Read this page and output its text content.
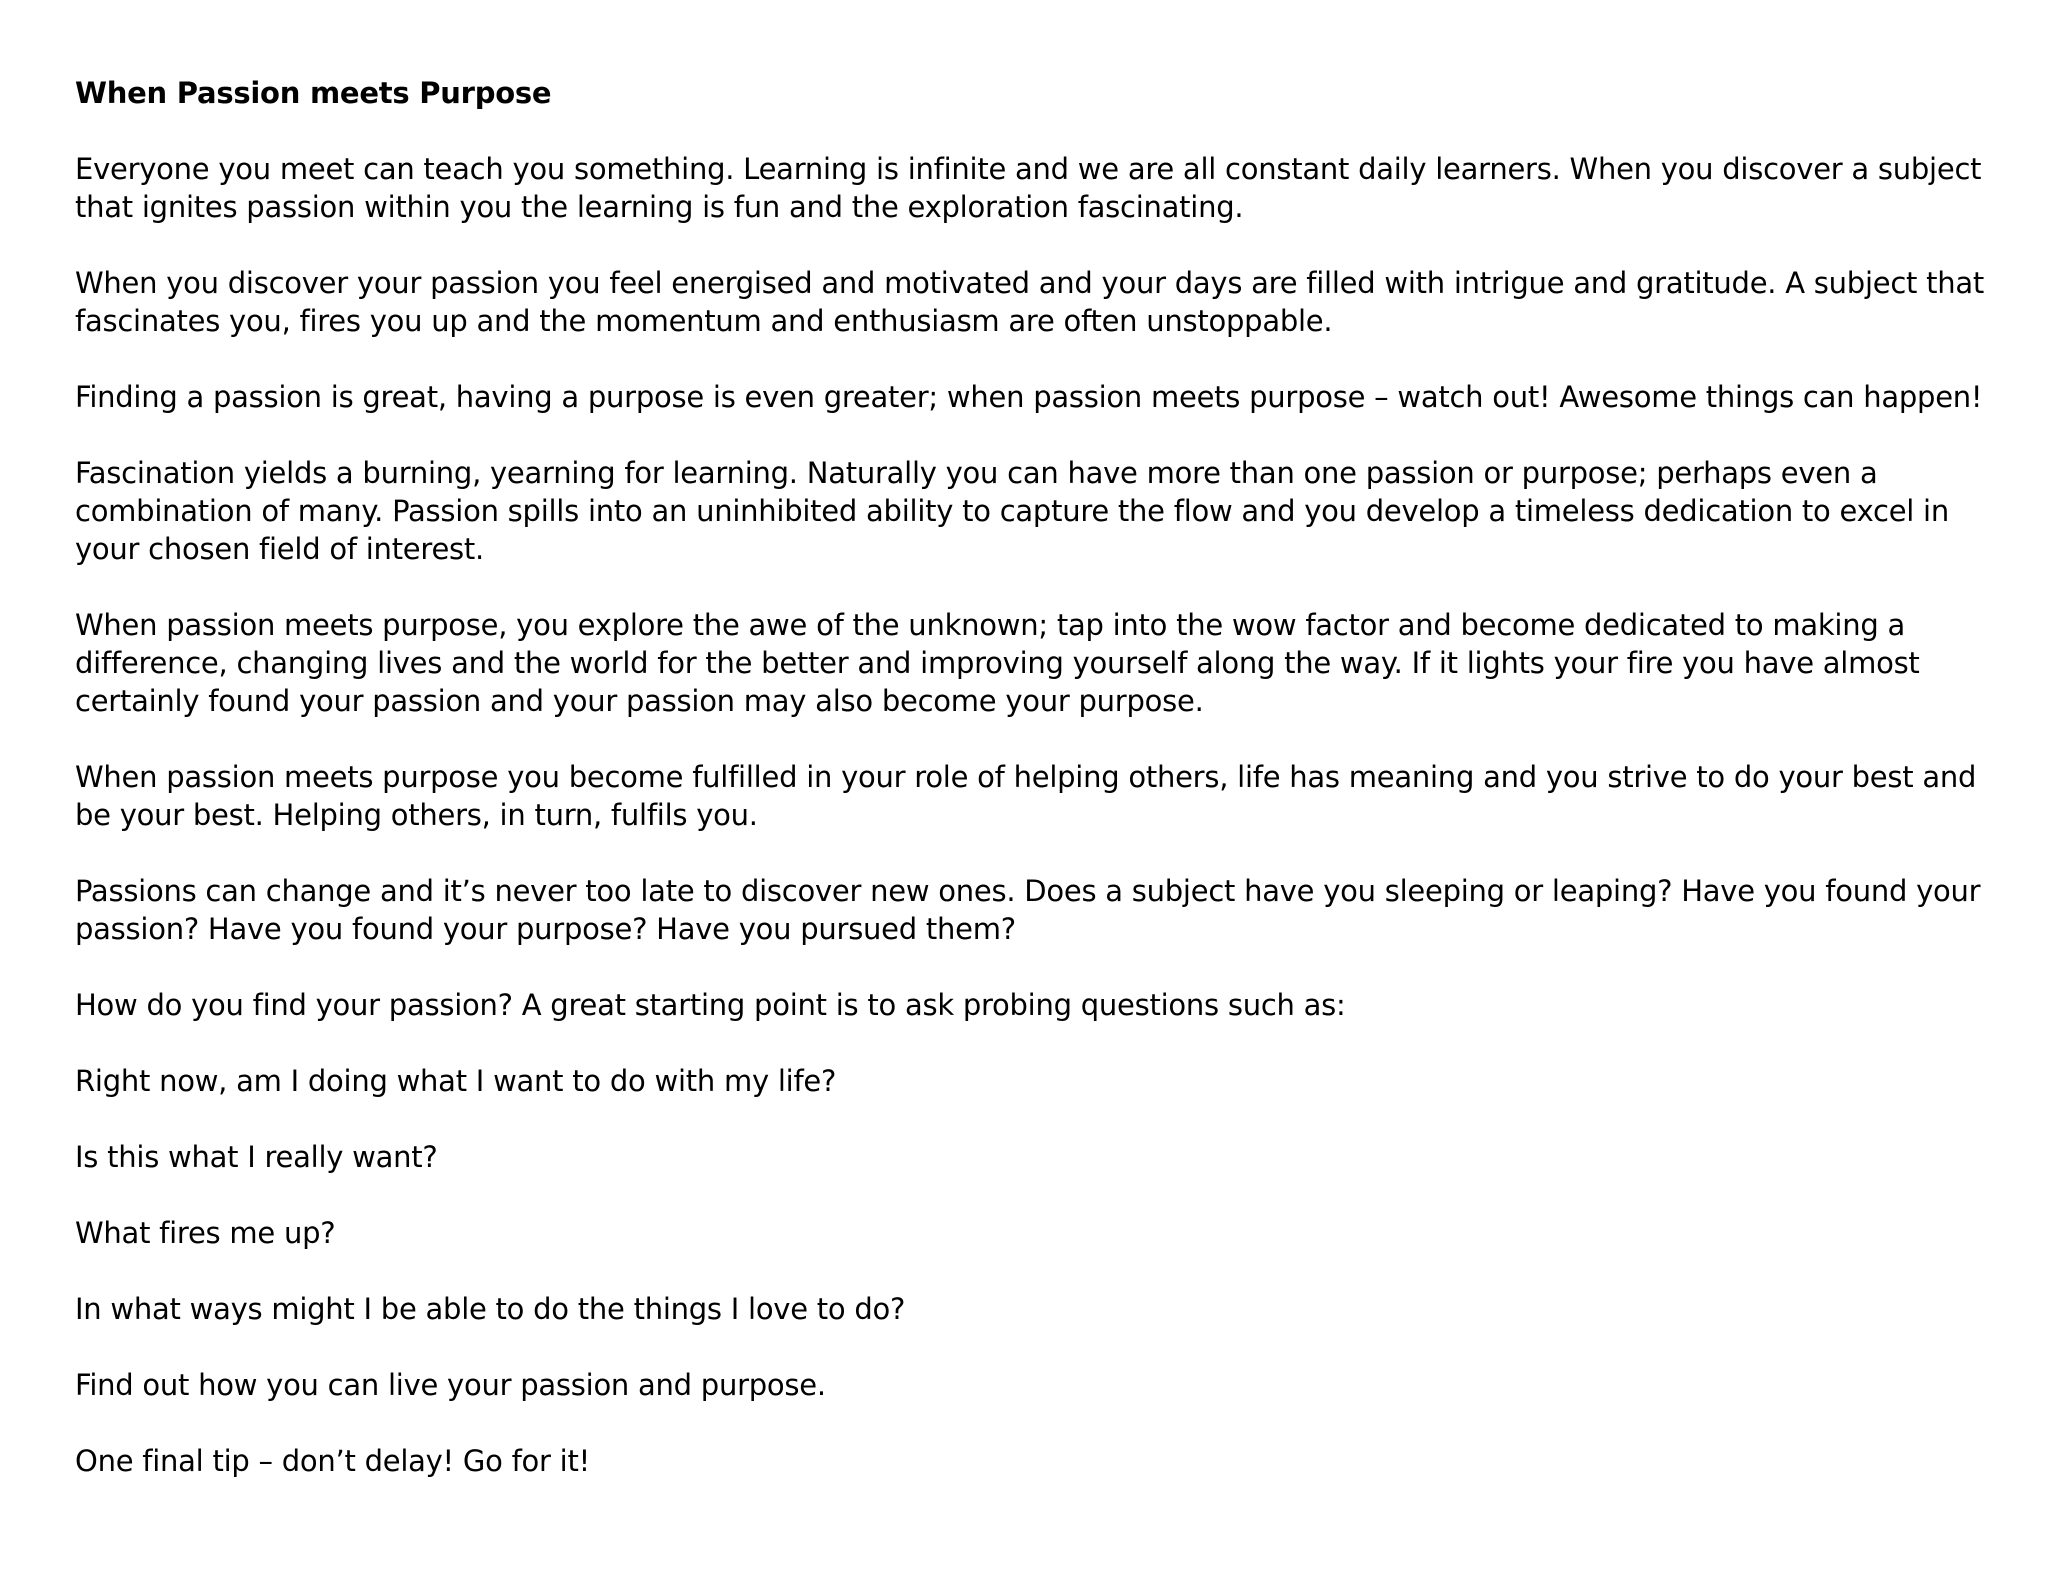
When Passion meets Purpose
Everyone you meet can teach you something. Learning is infinite and we are all constant daily learners. When you discover a subject that ignites passion within you the learning is fun and the exploration fascinating.
When you discover your passion you feel energised and motivated and your days are filled with intrigue and gratitude. A subject that fascinates you, fires you up and the momentum and enthusiasm are often unstoppable.
Finding a passion is great, having a purpose is even greater; when passion meets purpose – watch out! Awesome things can happen!
Fascination yields a burning, yearning for learning. Naturally you can have more than one passion or purpose; perhaps even a combination of many. Passion spills into an uninhibited ability to capture the flow and you develop a timeless dedication to excel in your chosen field of interest.
When passion meets purpose, you explore the awe of the unknown; tap into the wow factor and become dedicated to making a difference, changing lives and the world for the better and improving yourself along the way. If it lights your fire you have almost certainly found your passion and your passion may also become your purpose.
When passion meets purpose you become fulfilled in your role of helping others, life has meaning and you strive to do your best and be your best. Helping others, in turn, fulfils you.
Passions can change and it’s never too late to discover new ones. Does a subject have you sleeping or leaping? Have you found your passion? Have you found your purpose? Have you pursued them?
How do you find your passion? A great starting point is to ask probing questions such as:
Right now, am I doing what I want to do with my life?
Is this what I really want?
What fires me up?
In what ways might I be able to do the things I love to do?
Find out how you can live your passion and purpose.
One final tip – don’t delay! Go for it!
